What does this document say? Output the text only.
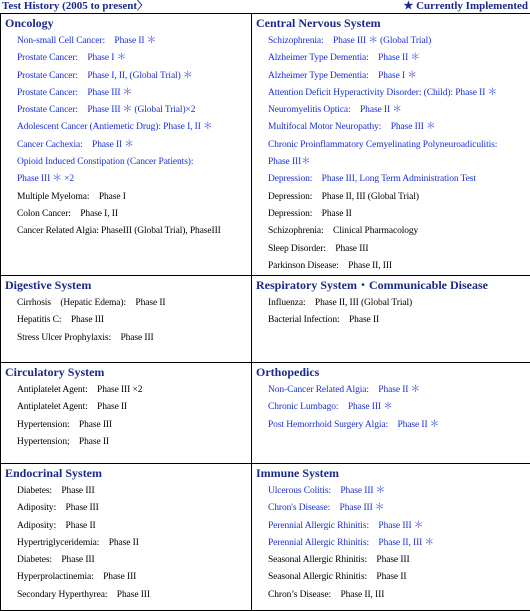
Test History (2005 to present〉	★ Currently Implemented
Oncology
Non-small Cell Cancer:　Phase II ＊
Prostate Cancer:　Phase I ＊
Prostate Cancer:　Phase I, II, (Global Trial) ＊
Prostate Cancer:　Phase III ＊
Prostate Cancer:　Phase III ＊ (Global Trial)×2
Adolescent Cancer (Antiemetic Drug): Phase I, II ＊
Cancer Cachexia:　Phase II ＊
Opioid Induced Constipation (Cancer Patients):
Phase III ＊ ×2
Multiple Myeloma:　Phase I
Colon Cancer:　Phase I, II
Cancer Related Algia: PhaseIII (Global Trial), PhaseIII
Central Nervous System
Schizophrenia:　Phase III ＊ (Global Trial)
Alzheimer Type Dementia:　Phase II ＊
Alzheimer Type Dementia:　Phase I ＊
Attention Deficit Hyperactivity Disorder: (Child): Phase II ＊
Neuromyelitis Optica:　Phase II ＊
Multifocal Motor Neuropathy:　Phase III ＊
Chronic Proinflammatory Cemyelinating Polyneuroadiculitis:
Phase III＊
Depression:　Phase III, Long Term Administration Test
Depression:　Phase II, III (Global Trial)
Depression:　Phase II
Schizophrenia:　Clinical Pharmacology
Sleep Disorder:　Phase III
Parkinson Disease:　Phase II, III
Digestive System
Cirrhosis　(Hepatic Edema):　Phase II
Hepatitis C:　Phase III
Stress Ulcer Prophylaxis:　Phase III
Respiratory System・Communicable Disease
Influenza:　Phase II, III (Global Trial)
Bacterial Infection:　Phase II
Circulatory System
Antiplatelet Agent:　Phase III ×2
Antiplatelet Agent:　Phase II
Hypertension:　Phase III
Hypertension;　Phase II
Orthopedics
Non-Cancer Related Algia:　Phase II ＊
Chronic Lumbago:　Phase III ＊
Post Hemorrhoid Surgery Algia:　Phase II ＊
Endocrinal System
Diabetes:　Phase III
Adiposity:　Phase III
Adiposity:　Phase II
Hypertriglyceridemia:　Phase II
Diabetes:　Phase III
Hyperprolactinemia:　Phase III
Secondary Hyperthyrea:　Phase III
Immune System
Ulcerous Colitis:　Phase III ＊
Chron's Disease:　Phase III ＊
Perennial Allergic Rhinitis:　Phase III ＊
Perennial Allergic Rhinitis:　Phase II, III ＊
Seasonal Allergic Rhinitis:　Phase III
Seasonal Allergic Rhinitis:　Phase II
Chron’s Disease:　Phase II, III
